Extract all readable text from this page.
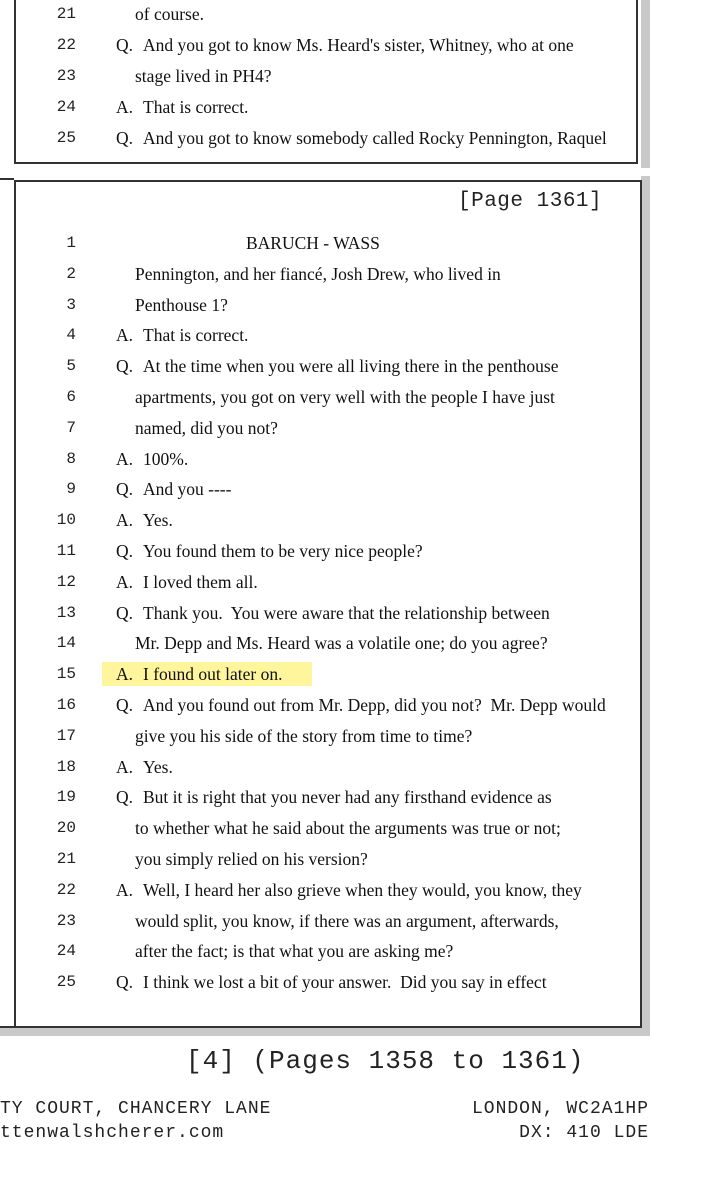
21	of course.
22 Q. And you got to know Ms. Heard's sister, Whitney, who at one
23	stage lived in PH4?
24 A. That is correct.
25 Q. And you got to know somebody called Rocky Pennington, Raquel
[Page 1361]
1	BARUCH - WASS
2	Pennington, and her fiancé, Josh Drew, who lived in
3	Penthouse 1?
4 A. That is correct.
5 Q. At the time when you were all living there in the penthouse
6	apartments, you got on very well with the people I have just
7	named, did you not?
8 A. 100%.
9 Q. And you ----
10 A. Yes.
11 Q. You found them to be very nice people?
12 A. I loved them all.
13 Q. Thank you.  You were aware that the relationship between
14	Mr. Depp and Ms. Heard was a volatile one; do you agree?
15 A. I found out later on.
16 Q. And you found out from Mr. Depp, did you not?  Mr. Depp would
17	give you his side of the story from time to time?
18 A. Yes.
19 Q. But it is right that you never had any firsthand evidence as
20	to whether what he said about the arguments was true or not;
21	you simply relied on his version?
22 A. Well, I heard her also grieve when they would, you know, they
23	would split, you know, if there was an argument, afterwards,
24	after the fact; is that what you are asking me?
25 Q. I think we lost a bit of your answer.  Did you say in effect
[4] (Pages 1358 to 1361)
TY COURT, CHANCERY LANE
ttenwalshcherer.com
LONDON, WC2A1HP
DX: 410 LDE
